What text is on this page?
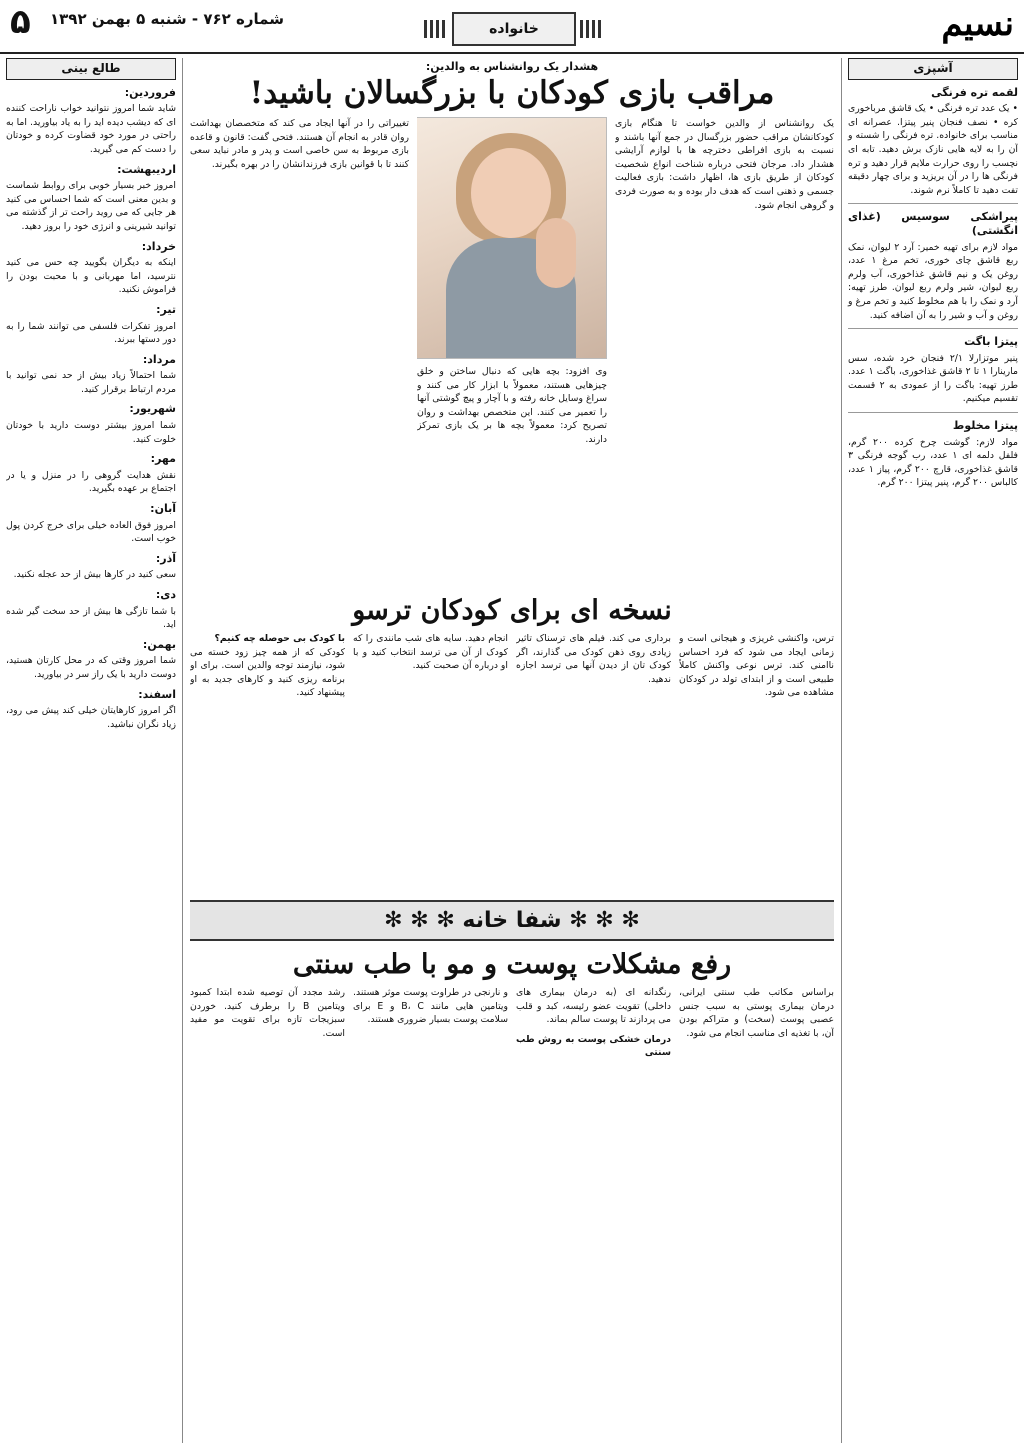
نسیم
خانواده
شماره ۷۶۲ - شنبه ۵ بهمن ۱۳۹۲
۵
آشپزی
لقمه تره فرنگی
• یک عدد تره فرنگی • یک قاشق مرباخوری کره • نصف فنجان پنیر پیتزا. عصرانه ای مناسب برای خانواده. تره فرنگی را شسته و آن را به لایه هایی نازک برش دهید. تابه ای نچسب را روی حرارت ملایم قرار دهید و تره فرنگی ها را در آن بریزید و برای چهار دقیقه تفت دهید تا کاملاً نرم شوند.
پیراشکی سوسیس (غذای انگشتی)
مواد لازم برای تهیه خمیر: آرد ۲ لیوان، نمک ربع قاشق چای خوری، تخم مرغ ۱ عدد، روغن یک و نیم قاشق غذاخوری، آب ولرم ربع لیوان، شیر ولرم ربع لیوان. طرز تهیه: آرد و نمک را با هم مخلوط کنید و تخم مرغ و روغن و آب و شیر را به آن اضافه کنید.
پیتزا باگت
پنیر موتزارلا ۲/۱ فنجان خرد شده، سس مارینارا ۱ تا ۲ قاشق غذاخوری، باگت ۱ عدد. طرز تهیه: باگت را از عمودی به ۲ قسمت تقسیم میکنیم.
پیتزا مخلوط
مواد لازم: گوشت چرخ کرده ۲۰۰ گرم، فلفل دلمه ای ۱ عدد، رب گوجه فرنگی ۳ قاشق غذاخوری، قارچ ۲۰۰ گرم، پیاز ۱ عدد، کالباس ۲۰۰ گرم، پنیر پیتزا ۲۰۰ گرم.
طالع بینی
فروردین:
شاید شما امروز نتوانید خواب ناراحت کننده ای که دیشب دیده اید را به یاد بیاورید. اما به راحتی در مورد خود قضاوت کرده و خودتان را دست کم می گیرید.
اردیبهشت:
امروز خبر بسیار خوبی برای روابط شماست و بدین معنی است که شما احساس می کنید هر جایی که می روید راحت تر از گذشته می توانید شیرینی و انرژی خود را بروز دهید.
خرداد:
اینکه به دیگران بگویید چه حس می کنید نترسید، اما مهربانی و با محبت بودن را فراموش نکنید.
تیر:
امروز تفکرات فلسفی می توانند شما را به دور دستها ببرند.
مرداد:
شما احتمالاً زیاد بیش از حد نمی توانید با مردم ارتباط برقرار کنید.
شهریور:
شما امروز بیشتر دوست دارید با خودتان خلوت کنید.
مهر:
نقش هدایت گروهی را در منزل و یا در اجتماع بر عهده بگیرید.
آبان:
امروز فوق العاده خیلی برای خرج کردن پول خوب است.
آذر:
سعی کنید در کارها بیش از حد عجله نکنید.
دی:
با شما تازگی ها بیش از حد سخت گیر شده اید.
بهمن:
شما امروز وقتی که در محل کارتان هستید، دوست دارید با یک راز سر در بیاورید.
اسفند:
اگر امروز کارهایتان خیلی کند پیش می رود، زیاد نگران نباشید.
هشدار یک روانشناس به والدین:
مراقب بازی کودکان با بزرگسالان باشید!

یک روانشناس از والدین خواست تا هنگام بازی کودکانشان مراقب حضور بزرگسال در جمع آنها باشند و نسبت به بازی افراطی دخترچه ها با لوازم آرایشی هشدار داد. مرجان فتحی درباره شناخت انواع شخصیت کودکان از طریق بازی ها، اظهار داشت: بازی فعالیت جسمی و ذهنی است که هدف دار بوده و به صورت فردی و گروهی انجام شود.

وی افزود: بچه هایی که دنبال ساختن و خلق چیزهایی هستند، معمولاً با ابزار کار می کنند و سراغ وسایل خانه رفته و با آچار و پیچ گوشتی آنها را تعمیر می کنند. این متخصص بهداشت و روان تصریح کرد: معمولاً بچه ها بر یک بازی تمرکز دارند.

تغییراتی را در آنها ایجاد می کند که متخصصان بهداشت روان قادر به انجام آن هستند. فتحی گفت: قانون و قاعده بازی مربوط به سن خاصی است و پدر و مادر نباید سعی کنند تا با قوانین بازی فرزندانشان را در بهره بگیرند.

نسخه ای برای کودکان ترسو

ترس، واکنشی غریزی و هیجانی است و زمانی ایجاد می شود که فرد احساس ناامنی کند. ترس نوعی واکنش کاملاً طبیعی است و از ابتدای تولد در کودکان مشاهده می شود.

برداری می کند. فیلم های ترسناک تاثیر زیادی روی ذهن کودک می گذارند، اگر کودک تان از دیدن آنها می ترسد اجازه ندهید.

انجام دهید. سایه های شب مانندی را که کودک از آن می ترسد انتخاب کنید و با او درباره آن صحبت کنید.

با کودک بی حوصله چه کنیم؟

کودکی که از همه چیز زود خسته می شود، نیازمند توجه والدین است. برای او برنامه ریزی کنید و کارهای جدید به او پیشنهاد کنید.

✻ ✻ ✻ شفا خانه ✻ ✻ ✻
رفع مشکلات پوست و مو با طب سنتی

براساس مکاتب طب سنتی ایرانی، درمان بیماری پوستی به سبب جنس عصبی پوست (سخت) و متراکم بودن آن، با تغذیه ای مناسب انجام می شود.

رنگدانه ای (به درمان بیماری های داخلی) تقویت عضو رئیسه، کبد و قلب می پردازند تا پوست سالم بماند.

درمان خشکی پوست به روش طب سنتی

و نارنجی در طراوت پوست موثر هستند. ویتامین هایی مانند B، C و E برای سلامت پوست بسیار ضروری هستند.

رشد مجدد آن توصیه شده ابتدا کمبود ویتامین B را برطرف کنید. خوردن سبزیجات تازه برای تقویت مو مفید است.
